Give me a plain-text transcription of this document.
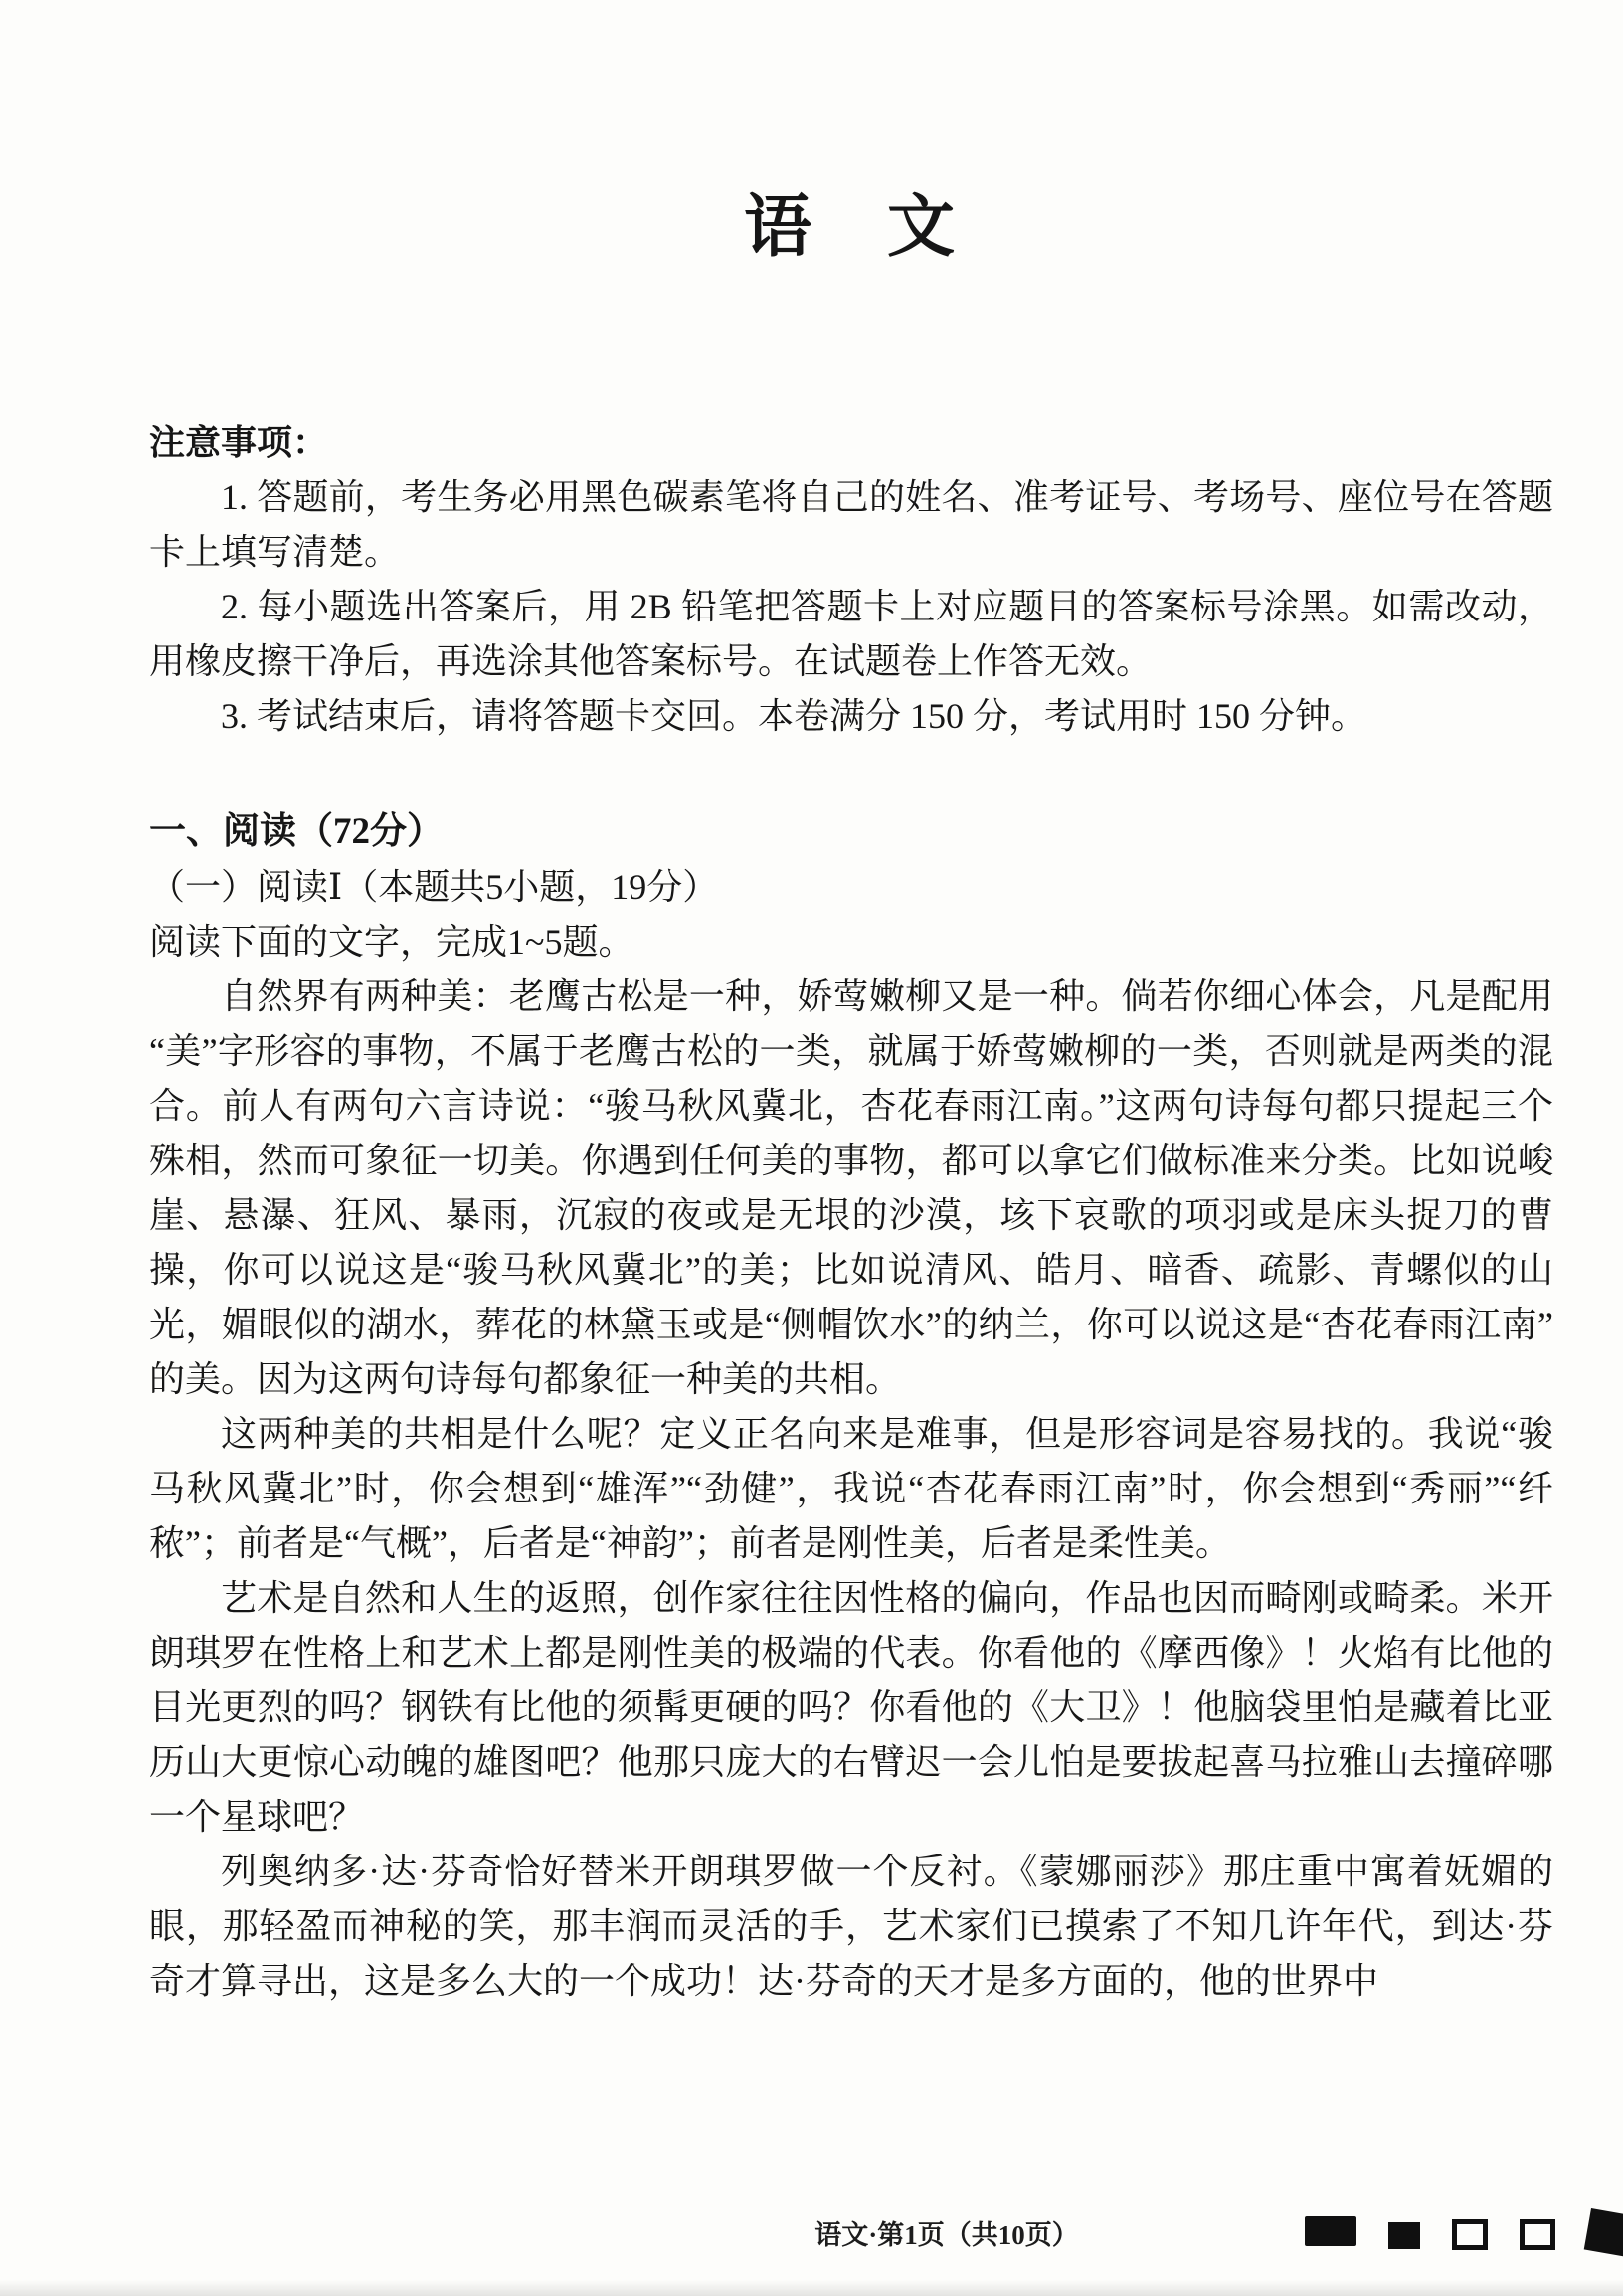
语　文

注意事项：

1. 答题前，考生务必用黑色碳素笔将自己的姓名、准考证号、考场号、座位号在答题卡上填写清楚。

2. 每小题选出答案后，用 2B 铅笔把答题卡上对应题目的答案标号涂黑。如需改动，用橡皮擦干净后，再选涂其他答案标号。在试题卷上作答无效。

3. 考试结束后，请将答题卡交回。本卷满分 150 分，考试用时 150 分钟。

一、阅读（72分）

（一）阅读Ⅰ（本题共5小题，19分）

阅读下面的文字，完成1~5题。

自然界有两种美：老鹰古松是一种，娇莺嫩柳又是一种。倘若你细心体会，凡是配用“美”字形容的事物，不属于老鹰古松的一类，就属于娇莺嫩柳的一类，否则就是两类的混合。前人有两句六言诗说：“骏马秋风冀北，杏花春雨江南。”这两句诗每句都只提起三个殊相，然而可象征一切美。你遇到任何美的事物，都可以拿它们做标准来分类。比如说峻崖、悬瀑、狂风、暴雨，沉寂的夜或是无垠的沙漠，垓下哀歌的项羽或是床头捉刀的曹操，你可以说这是“骏马秋风冀北”的美；比如说清风、皓月、暗香、疏影、青螺似的山光，媚眼似的湖水，葬花的林黛玉或是“侧帽饮水”的纳兰，你可以说这是“杏花春雨江南”的美。因为这两句诗每句都象征一种美的共相。

这两种美的共相是什么呢？定义正名向来是难事，但是形容词是容易找的。我说“骏马秋风冀北”时，你会想到“雄浑”“劲健”，我说“杏花春雨江南”时，你会想到“秀丽”“纤秾”；前者是“气概”，后者是“神韵”；前者是刚性美，后者是柔性美。

艺术是自然和人生的返照，创作家往往因性格的偏向，作品也因而畸刚或畸柔。米开朗琪罗在性格上和艺术上都是刚性美的极端的代表。你看他的《摩西像》！火焰有比他的目光更烈的吗？钢铁有比他的须髯更硬的吗？你看他的《大卫》！他脑袋里怕是藏着比亚历山大更惊心动魄的雄图吧？他那只庞大的右臂迟一会儿怕是要拔起喜马拉雅山去撞碎哪一个星球吧？

列奥纳多·达·芬奇恰好替米开朗琪罗做一个反衬。《蒙娜丽莎》那庄重中寓着妩媚的眼，那轻盈而神秘的笑，那丰润而灵活的手，艺术家们已摸索了不知几许年代，到达·芬奇才算寻出，这是多么大的一个成功！达·芬奇的天才是多方面的，他的世界中

语文·第1页（共10页）
